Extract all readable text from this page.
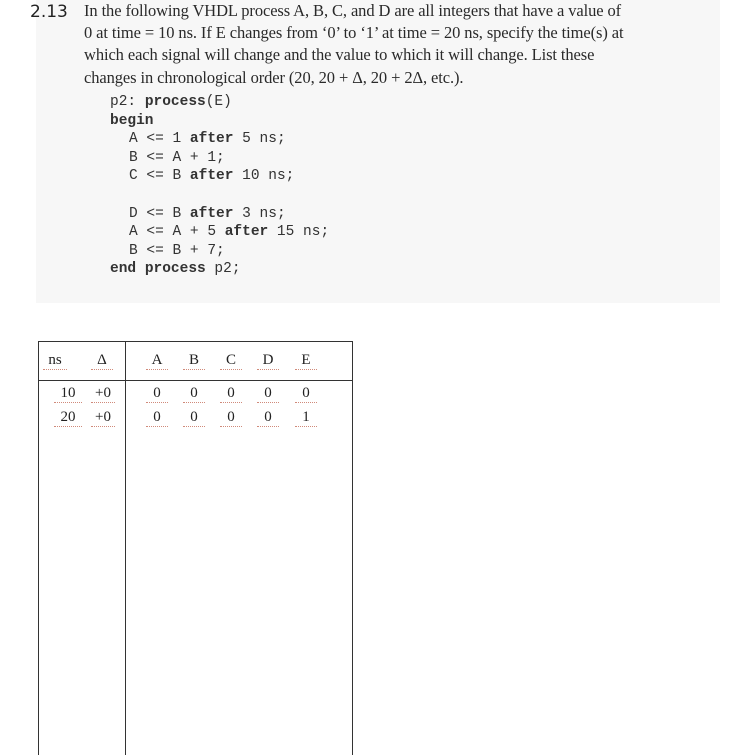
2.13 In the following VHDL process A, B, C, and D are all integers that have a value of
0 at time = 10 ns. If E changes from ‘0’ to ‘1’ at time = 20 ns, specify the time(s) at
which each signal will change and the value to which it will change. List these
changes in chronological order (20, 20 + Δ, 20 + 2Δ, etc.).
p2: process(E)
begin
A <= 1 after 5 ns;
B <= A + 1;
C <= B after 10 ns;
D <= B after 3 ns;
A <= A + 5 after 15 ns;
B <= B + 7;
end process p2;
ns	Δ	A	B	C	D	E
10	+0	0	0	0	0	0
20	+0	0	0	0	0	1
